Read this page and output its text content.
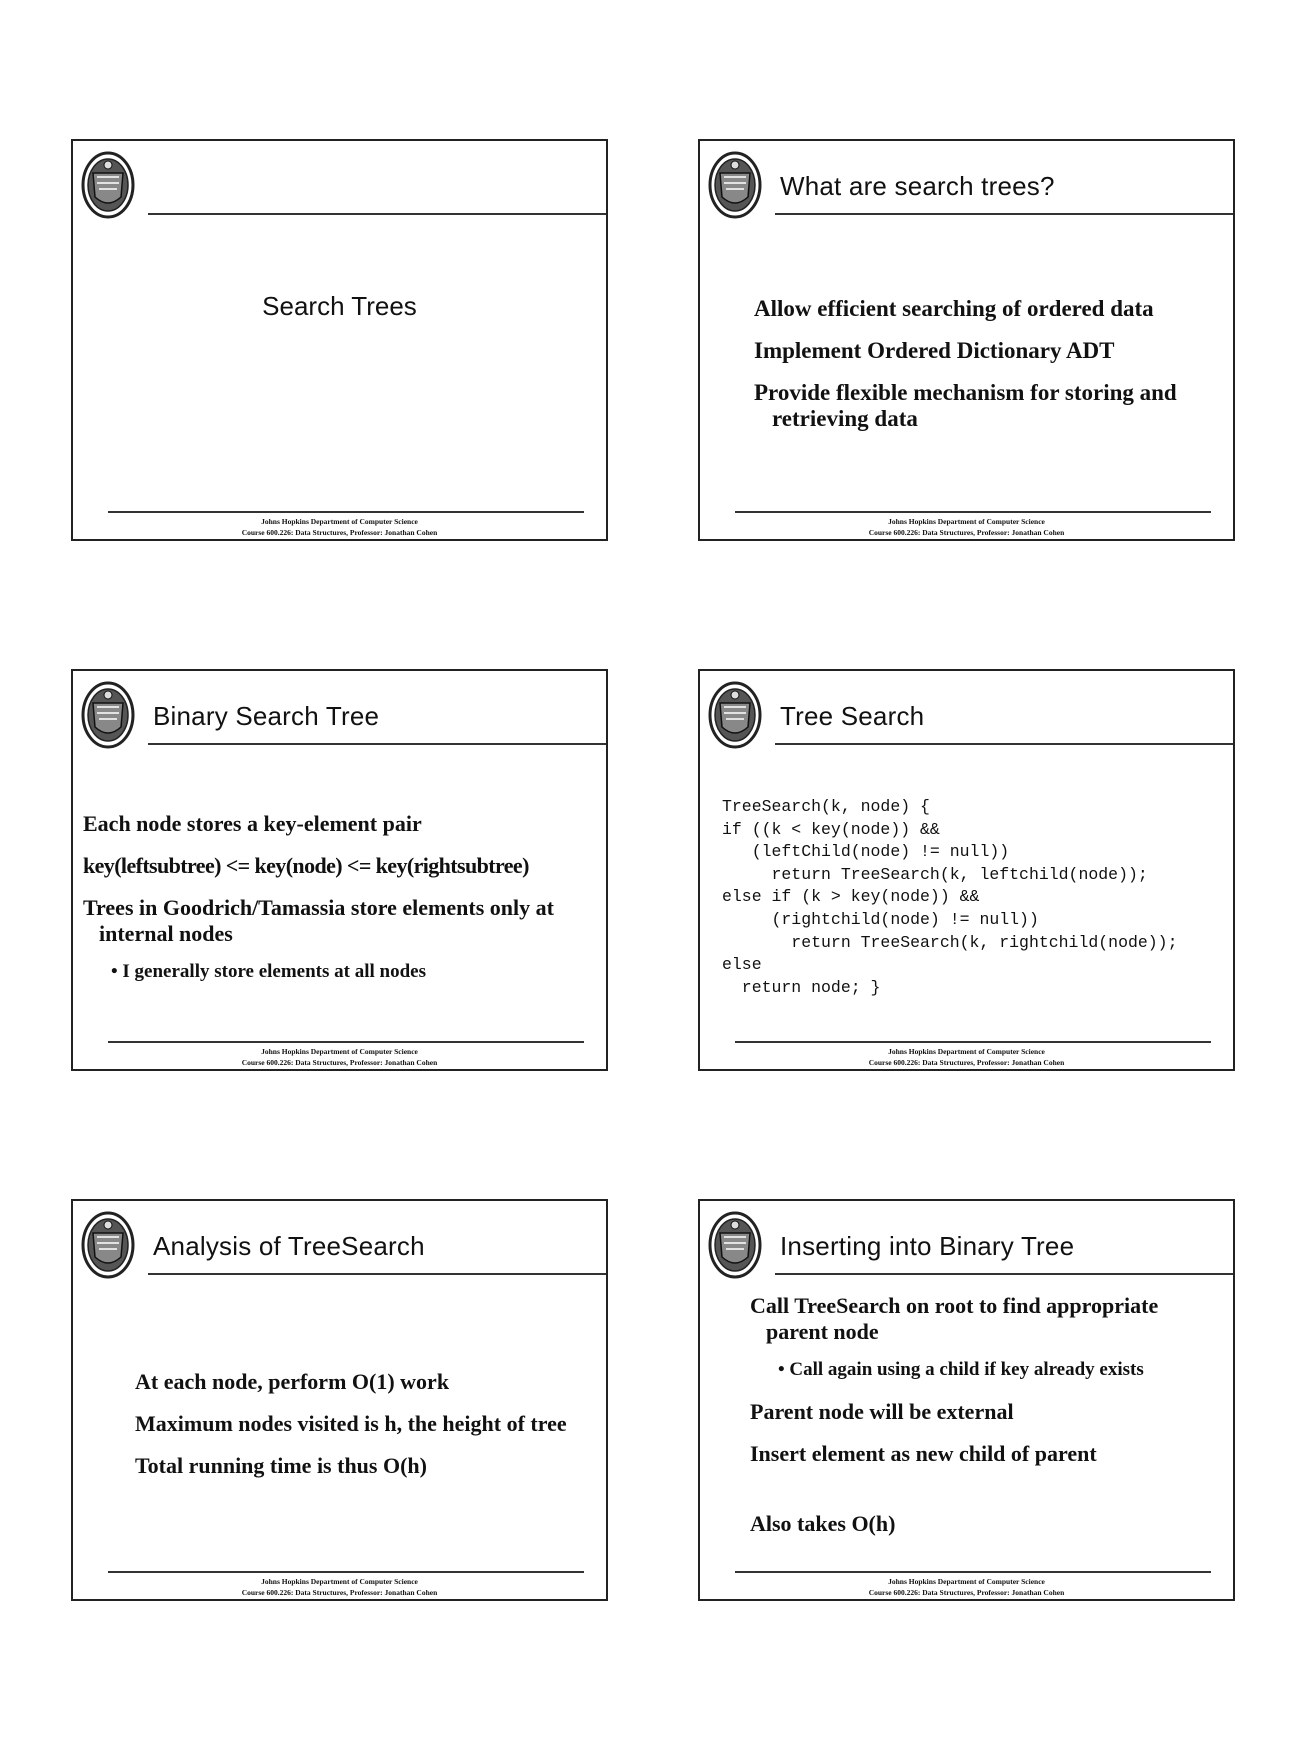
Search Trees
Johns Hopkins Department of Computer Science
Course 600.226: Data Structures, Professor: Jonathan Cohen
What are search trees?
Allow efficient searching of ordered data
Implement Ordered Dictionary ADT
Provide flexible mechanism for storing and retrieving data
Johns Hopkins Department of Computer Science
Course 600.226: Data Structures, Professor: Jonathan Cohen
Binary Search Tree
Each node stores a key-element pair
key(leftsubtree) <= key(node) <= key(rightsubtree)
Trees in Goodrich/Tamassia store elements only at internal nodes
• I generally store elements at all nodes
Johns Hopkins Department of Computer Science
Course 600.226: Data Structures, Professor: Jonathan Cohen
Tree Search
TreeSearch(k, node) {
if ((k < key(node)) &&
(leftChild(node) != null))
return TreeSearch(k, leftchild(node));
else if (k > key(node)) &&
(rightchild(node) != null))
return TreeSearch(k, rightchild(node));
else
return node; }
Johns Hopkins Department of Computer Science
Course 600.226: Data Structures, Professor: Jonathan Cohen
Analysis of TreeSearch
At each node, perform O(1) work
Maximum nodes visited is h, the height of tree
Total running time is thus O(h)
Johns Hopkins Department of Computer Science
Course 600.226: Data Structures, Professor: Jonathan Cohen
Inserting into Binary Tree
Call TreeSearch on root to find appropriate parent node
• Call again using a child if key already exists
Parent node will be external
Insert element as new child of parent
Also takes O(h)
Johns Hopkins Department of Computer Science
Course 600.226: Data Structures, Professor: Jonathan Cohen
